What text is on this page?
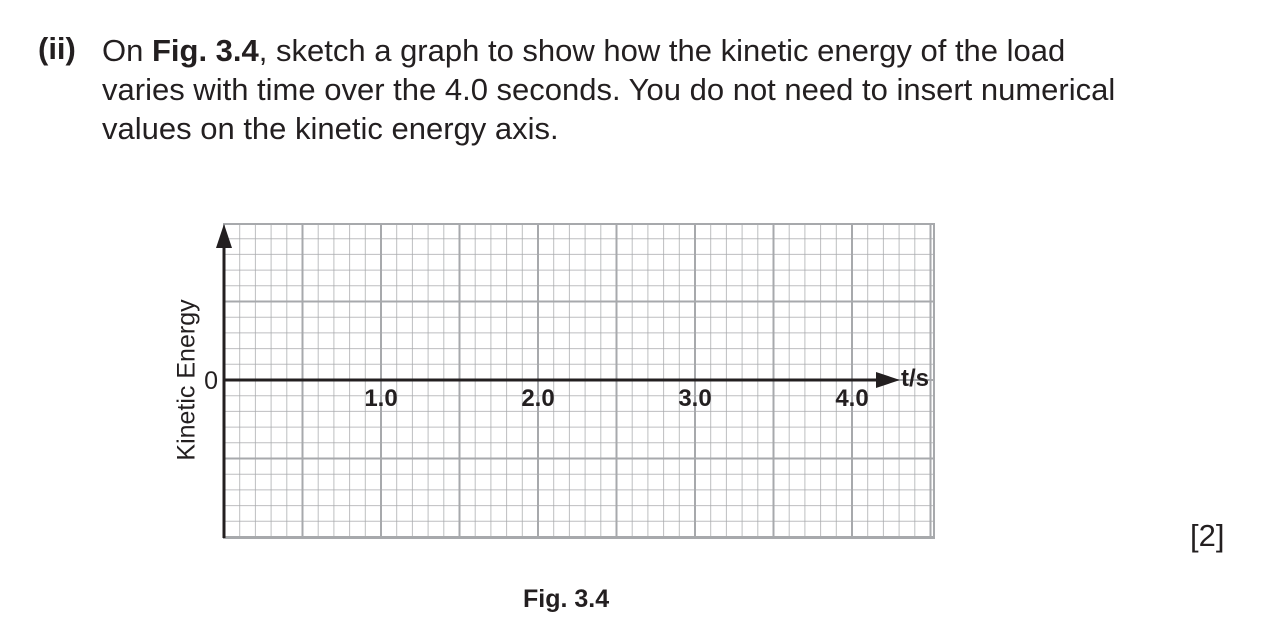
(ii) On Fig. 3.4, sketch a graph to show how the kinetic energy of the load
varies with time over the 4.0 seconds. You do not need to insert numerical
values on the kinetic energy axis.
Kinetic Energy	1.0	2.0	3.0	4.0
0	t/s
Fig. 3.4
[2]
